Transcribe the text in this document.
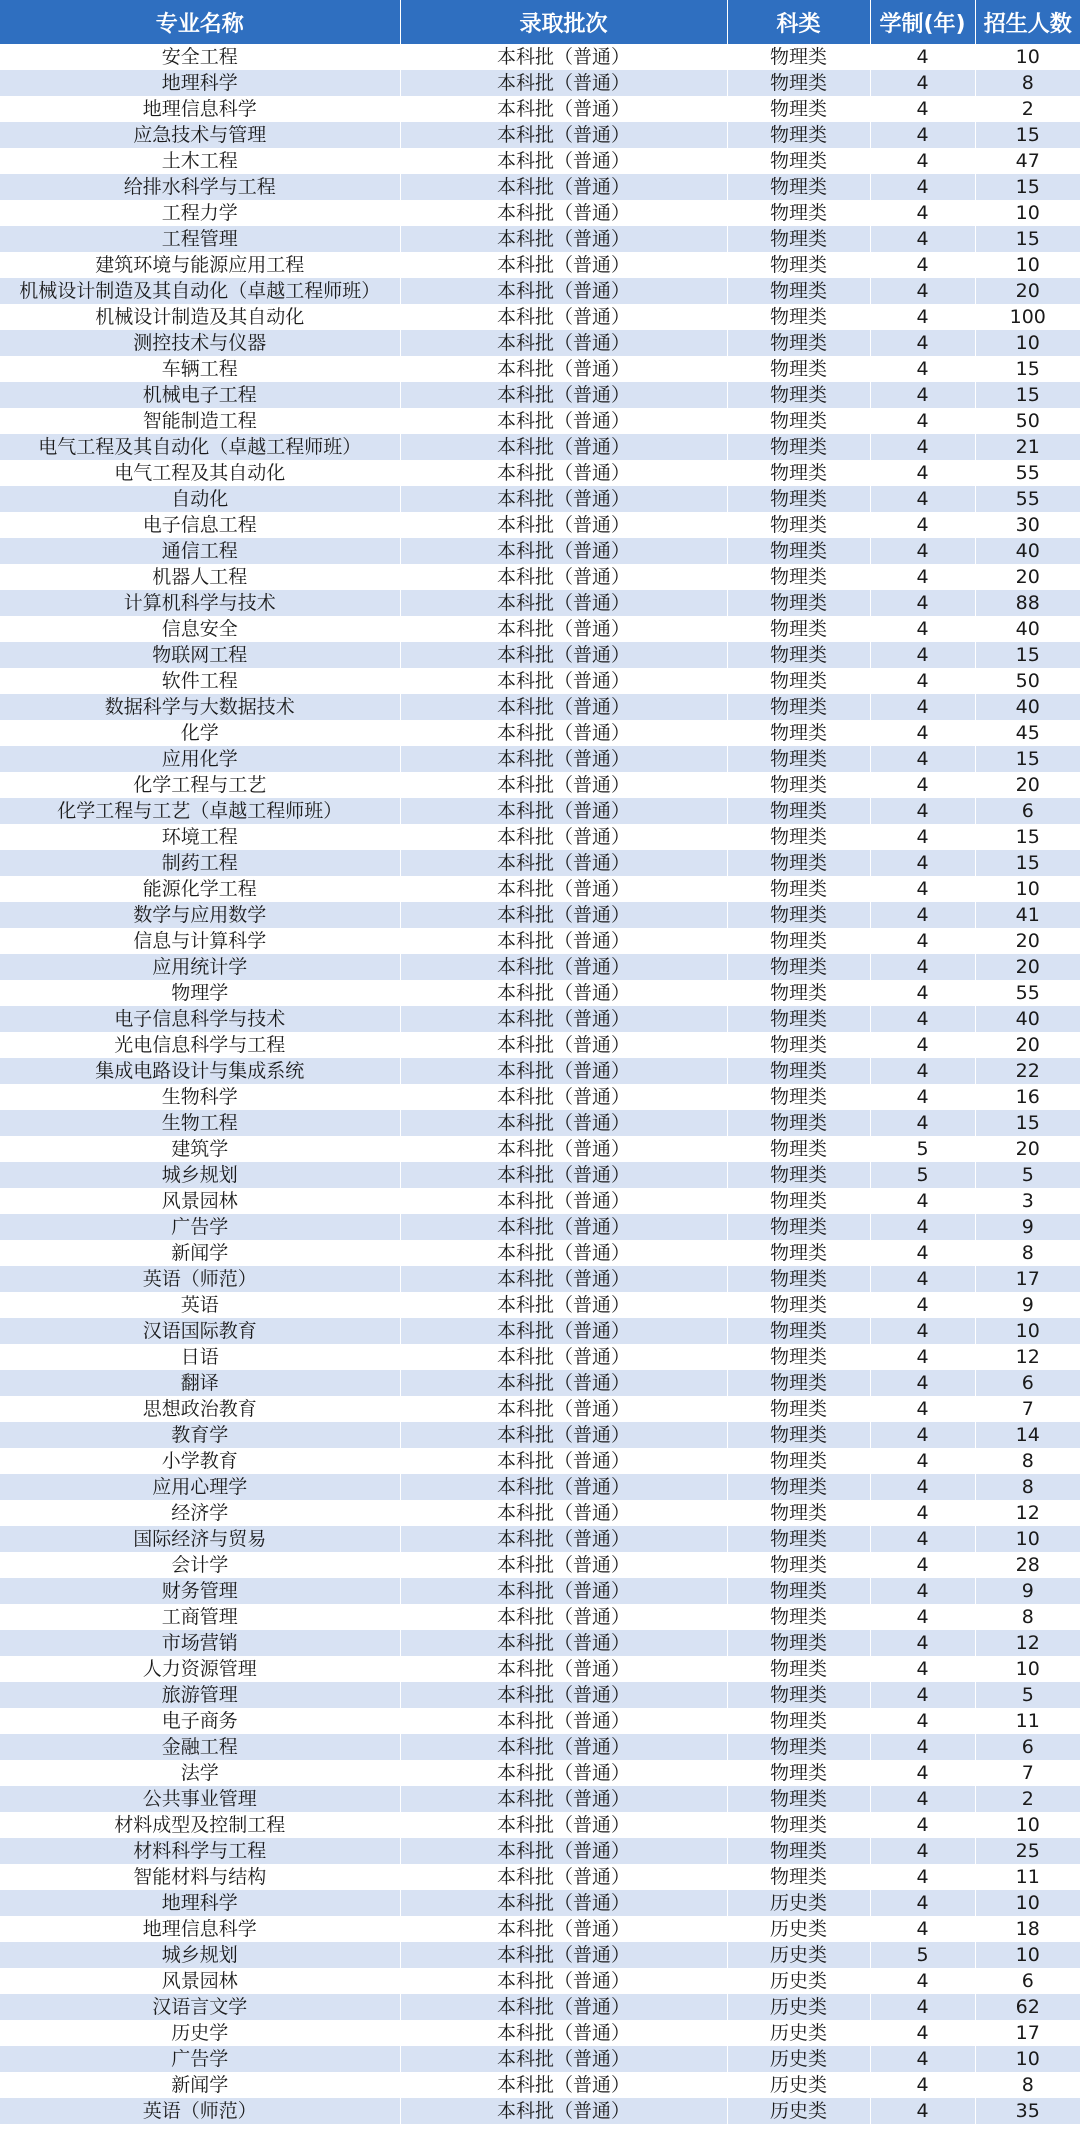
专业名称	录取批次	科类	学制(年)	招生人数
安全工程	本科批（普通）	物理类	4	10
地理科学	本科批（普通）	物理类	4	8
地理信息科学	本科批（普通）	物理类	4	2
应急技术与管理	本科批（普通）	物理类	4	15
土木工程	本科批（普通）	物理类	4	47
给排水科学与工程	本科批（普通）	物理类	4	15
工程力学	本科批（普通）	物理类	4	10
工程管理	本科批（普通）	物理类	4	15
建筑环境与能源应用工程	本科批（普通）	物理类	4	10
机械设计制造及其自动化（卓越工程师班）	本科批（普通）	物理类	4	20
机械设计制造及其自动化	本科批（普通）	物理类	4	100
测控技术与仪器	本科批（普通）	物理类	4	10
车辆工程	本科批（普通）	物理类	4	15
机械电子工程	本科批（普通）	物理类	4	15
智能制造工程	本科批（普通）	物理类	4	50
电气工程及其自动化（卓越工程师班）	本科批（普通）	物理类	4	21
电气工程及其自动化	本科批（普通）	物理类	4	55
自动化	本科批（普通）	物理类	4	55
电子信息工程	本科批（普通）	物理类	4	30
通信工程	本科批（普通）	物理类	4	40
机器人工程	本科批（普通）	物理类	4	20
计算机科学与技术	本科批（普通）	物理类	4	88
信息安全	本科批（普通）	物理类	4	40
物联网工程	本科批（普通）	物理类	4	15
软件工程	本科批（普通）	物理类	4	50
数据科学与大数据技术	本科批（普通）	物理类	4	40
化学	本科批（普通）	物理类	4	45
应用化学	本科批（普通）	物理类	4	15
化学工程与工艺	本科批（普通）	物理类	4	20
化学工程与工艺（卓越工程师班）	本科批（普通）	物理类	4	6
环境工程	本科批（普通）	物理类	4	15
制药工程	本科批（普通）	物理类	4	15
能源化学工程	本科批（普通）	物理类	4	10
数学与应用数学	本科批（普通）	物理类	4	41
信息与计算科学	本科批（普通）	物理类	4	20
应用统计学	本科批（普通）	物理类	4	20
物理学	本科批（普通）	物理类	4	55
电子信息科学与技术	本科批（普通）	物理类	4	40
光电信息科学与工程	本科批（普通）	物理类	4	20
集成电路设计与集成系统	本科批（普通）	物理类	4	22
生物科学	本科批（普通）	物理类	4	16
生物工程	本科批（普通）	物理类	4	15
建筑学	本科批（普通）	物理类	5	20
城乡规划	本科批（普通）	物理类	5	5
风景园林	本科批（普通）	物理类	4	3
广告学	本科批（普通）	物理类	4	9
新闻学	本科批（普通）	物理类	4	8
英语（师范）	本科批（普通）	物理类	4	17
英语	本科批（普通）	物理类	4	9
汉语国际教育	本科批（普通）	物理类	4	10
日语	本科批（普通）	物理类	4	12
翻译	本科批（普通）	物理类	4	6
思想政治教育	本科批（普通）	物理类	4	7
教育学	本科批（普通）	物理类	4	14
小学教育	本科批（普通）	物理类	4	8
应用心理学	本科批（普通）	物理类	4	8
经济学	本科批（普通）	物理类	4	12
国际经济与贸易	本科批（普通）	物理类	4	10
会计学	本科批（普通）	物理类	4	28
财务管理	本科批（普通）	物理类	4	9
工商管理	本科批（普通）	物理类	4	8
市场营销	本科批（普通）	物理类	4	12
人力资源管理	本科批（普通）	物理类	4	10
旅游管理	本科批（普通）	物理类	4	5
电子商务	本科批（普通）	物理类	4	11
金融工程	本科批（普通）	物理类	4	6
法学	本科批（普通）	物理类	4	7
公共事业管理	本科批（普通）	物理类	4	2
材料成型及控制工程	本科批（普通）	物理类	4	10
材料科学与工程	本科批（普通）	物理类	4	25
智能材料与结构	本科批（普通）	物理类	4	11
地理科学	本科批（普通）	历史类	4	10
地理信息科学	本科批（普通）	历史类	4	18
城乡规划	本科批（普通）	历史类	5	10
风景园林	本科批（普通）	历史类	4	6
汉语言文学	本科批（普通）	历史类	4	62
历史学	本科批（普通）	历史类	4	17
广告学	本科批（普通）	历史类	4	10
新闻学	本科批（普通）	历史类	4	8
英语（师范）	本科批（普通）	历史类	4	35
